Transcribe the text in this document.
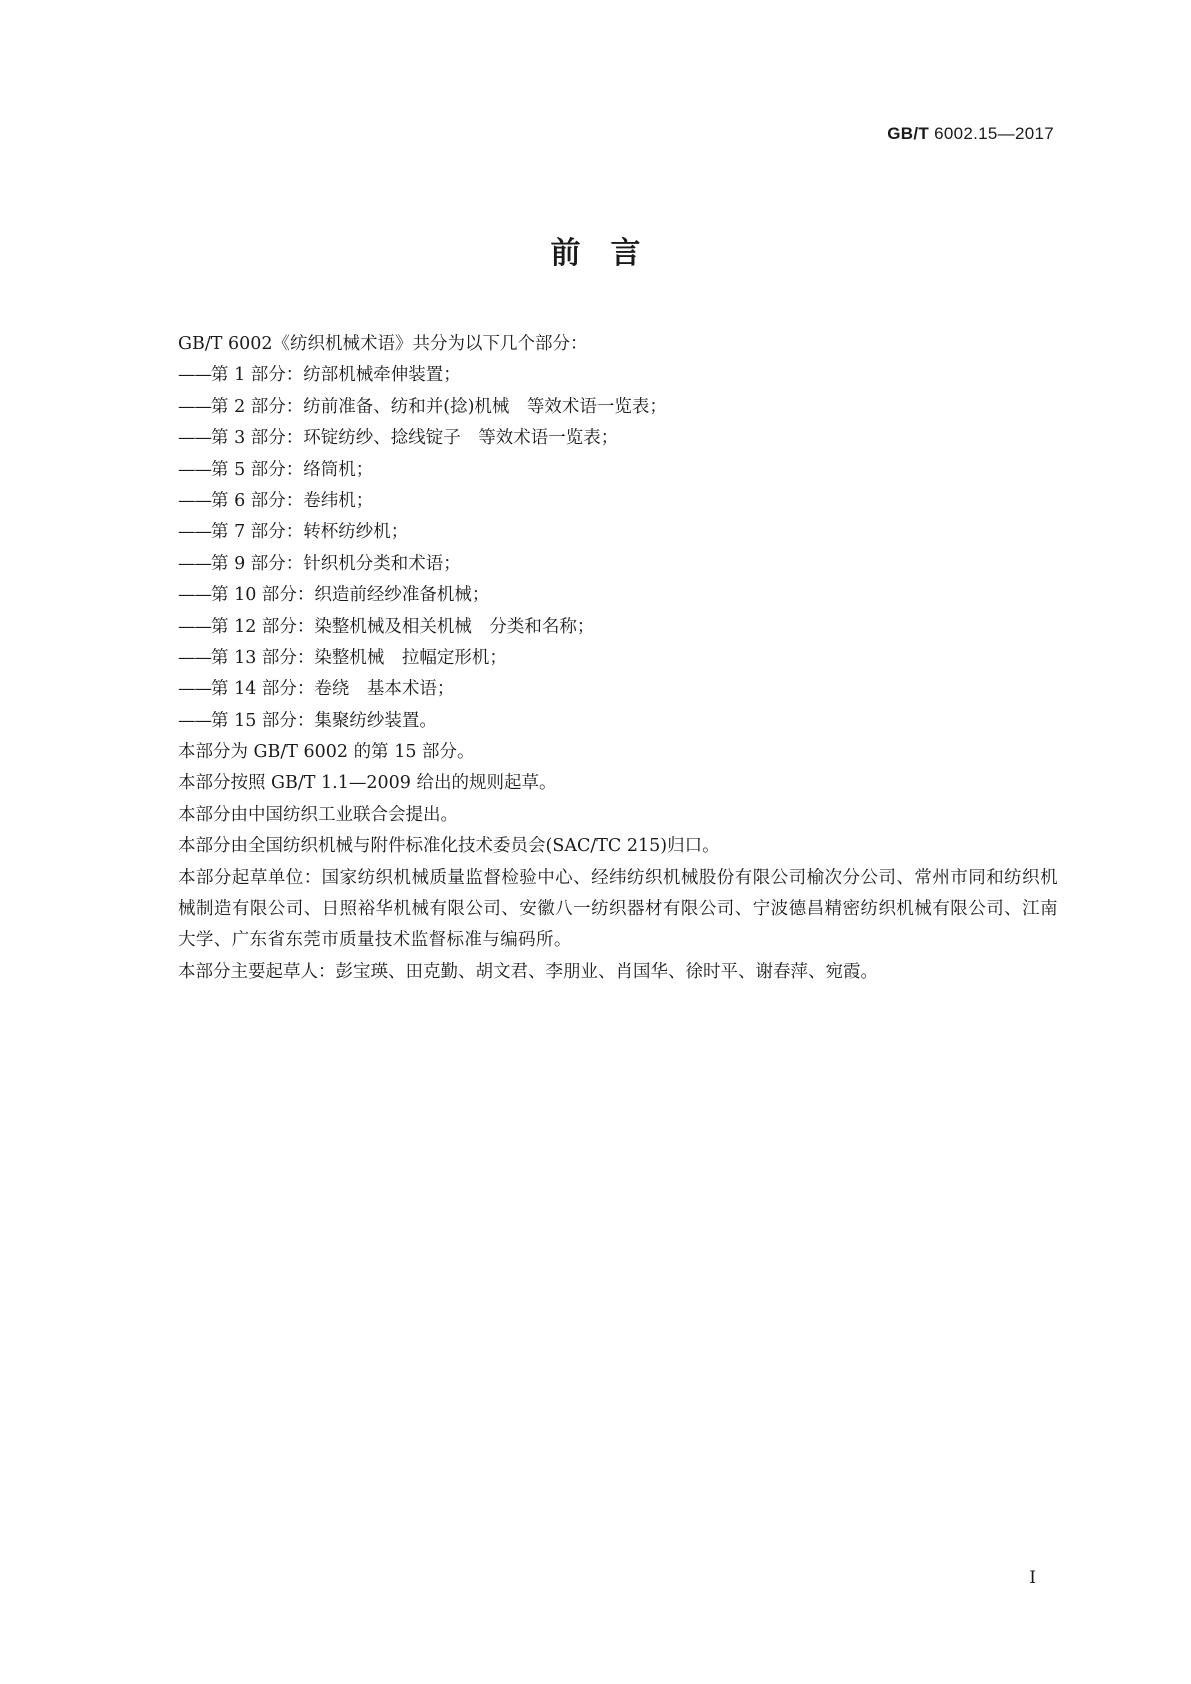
GB/T 6002.15—2017
前言
GB/T 6002《纺织机械术语》共分为以下几个部分：
——第 1 部分：纺部机械牵伸装置；
——第 2 部分：纺前准备、纺和并(捻)机械　等效术语一览表；
——第 3 部分：环锭纺纱、捻线锭子　等效术语一览表；
——第 5 部分：络筒机；
——第 6 部分：卷纬机；
——第 7 部分：转杯纺纱机；
——第 9 部分：针织机分类和术语；
——第 10 部分：织造前经纱准备机械；
——第 12 部分：染整机械及相关机械　分类和名称；
——第 13 部分：染整机械　拉幅定形机；
——第 14 部分：卷绕　基本术语；
——第 15 部分：集聚纺纱装置。
本部分为 GB/T 6002 的第 15 部分。
本部分按照 GB/T 1.1—2009 给出的规则起草。
本部分由中国纺织工业联合会提出。
本部分由全国纺织机械与附件标准化技术委员会(SAC/TC 215)归口。
本部分起草单位：国家纺织机械质量监督检验中心、经纬纺织机械股份有限公司榆次分公司、常州市同和纺织机械制造有限公司、日照裕华机械有限公司、安徽八一纺织器材有限公司、宁波德昌精密纺织机械有限公司、江南大学、广东省东莞市质量技术监督标准与编码所。
本部分主要起草人：彭宝瑛、田克勤、胡文君、李朋业、肖国华、徐时平、谢春萍、宛霞。
I
